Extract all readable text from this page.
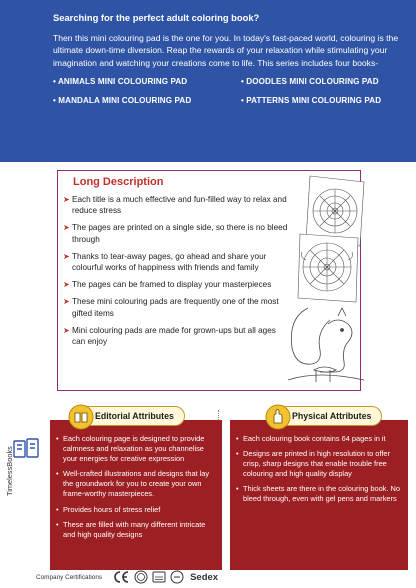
Searching for the perfect adult coloring book?
Then this mini colouring pad is the one for you. In today's fast-paced world, colouring is the ultimate down-time diversion. Reap the rewards of your relaxation while stimulating your imagination and watching your creations come to life. This series includes four books-
• ANIMALS MINI COLOURING PAD	• DOODLES MINI COLOURING PAD
• MANDALA MINI COLOURING PAD	• PATTERNS MINI COLOURING PAD
Long Description
➤ Each title is a much effective and fun-filled way to relax and reduce stress
➤ The pages are printed on a single side, so there is no bleed through
➤ Thanks to tear-away pages, go ahead and share your colourful works of happiness with friends and family
➤ The pages can be framed to display your masterpieces
➤ These mini colouring pads are frequently one of the most gifted items
➤ Mini colouring pads are made for grown-ups but all ages can enjoy
TimelessBooks
Editorial Attributes
• Each colouring page is designed to provide calmness and relaxation as you channelise your energies for creative expression
• Well-crafted illustrations and designs that lay the groundwork for you to create your own frame-worthy masterpieces.
• Provides hours of stress relief
• These are filled with many different intricate and high quality designs
Physical Attributes
• Each colouring book contains 64 pages in it
• Designs are printed in high resolution to offer crisp, sharp designs that enable trouble free colouring and high quality display
• Thick sheets are there in the colouring book. No bleed through, even with gel pens and markers
Company Certifications	Sedex
